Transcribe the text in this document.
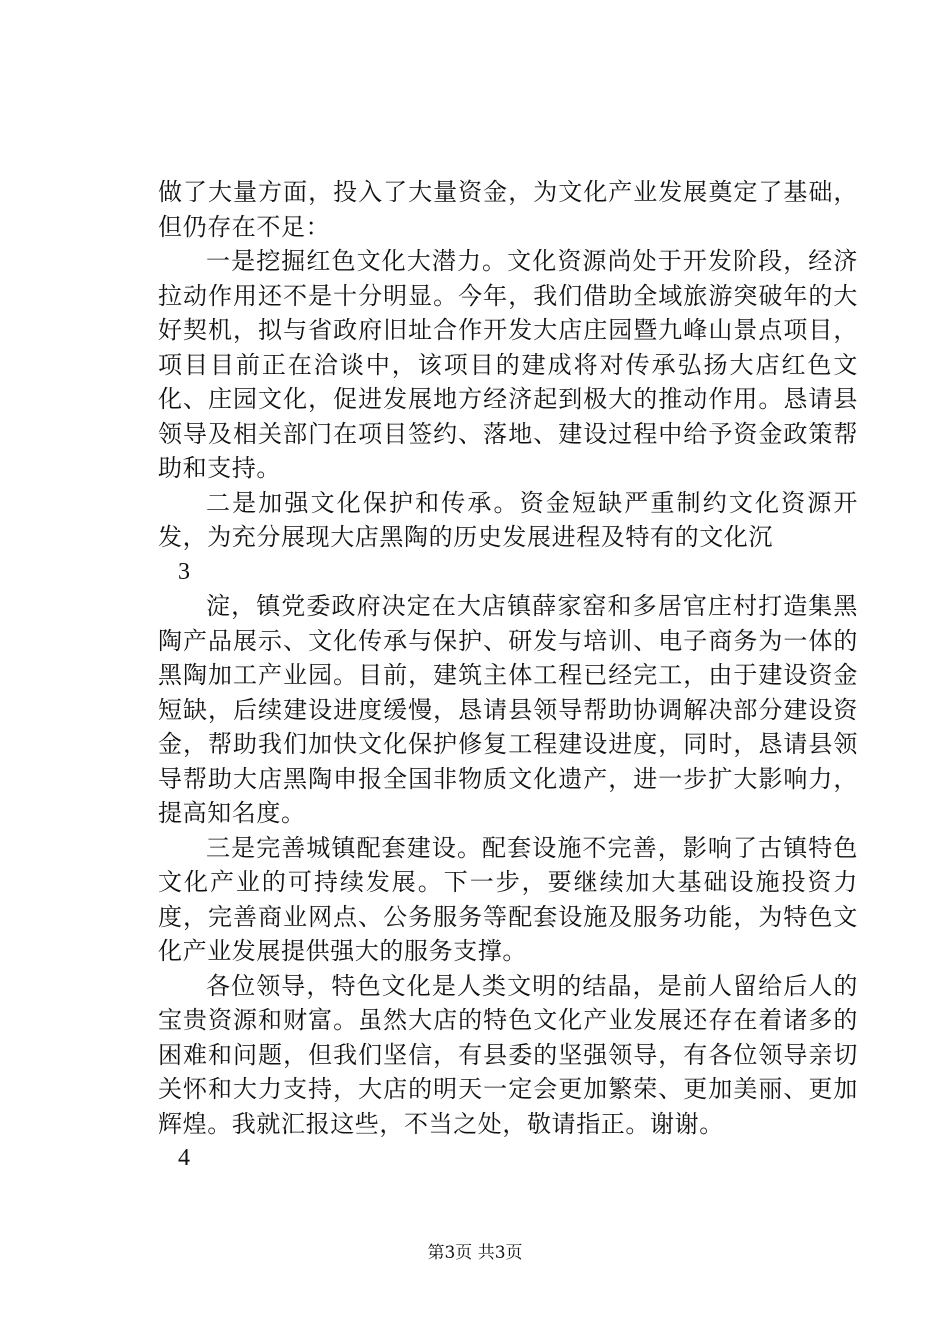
做了大量方面，投入了大量资金，为文化产业发展奠定了基础，但仍存在不足：

一是挖掘红色文化大潜力。文化资源尚处于开发阶段，经济拉动作用还不是十分明显。今年，我们借助全域旅游突破年的大好契机，拟与省政府旧址合作开发大店庄园暨九峰山景点项目，项目目前正在洽谈中，该项目的建成将对传承弘扬大店红色文化、庄园文化，促进发展地方经济起到极大的推动作用。恳请县领导及相关部门在项目签约、落地、建设过程中给予资金政策帮助和支持。

二是加强文化保护和传承。资金短缺严重制约文化资源开发，为充分展现大店黑陶的历史发展进程及特有的文化沉

3

淀，镇党委政府决定在大店镇薛家窑和多居官庄村打造集黑陶产品展示、文化传承与保护、研发与培训、电子商务为一体的黑陶加工产业园。目前，建筑主体工程已经完工，由于建设资金短缺，后续建设进度缓慢，恳请县领导帮助协调解决部分建设资金，帮助我们加快文化保护修复工程建设进度，同时，恳请县领导帮助大店黑陶申报全国非物质文化遗产，进一步扩大影响力，提高知名度。

三是完善城镇配套建设。配套设施不完善，影响了古镇特色文化产业的可持续发展。下一步，要继续加大基础设施投资力度，完善商业网点、公务服务等配套设施及服务功能，为特色文化产业发展提供强大的服务支撑。

各位领导，特色文化是人类文明的结晶，是前人留给后人的宝贵资源和财富。虽然大店的特色文化产业发展还存在着诸多的困难和问题，但我们坚信，有县委的坚强领导，有各位领导亲切关怀和大力支持，大店的明天一定会更加繁荣、更加美丽、更加辉煌。我就汇报这些，不当之处，敬请指正。谢谢。

4

第3页 共3页
